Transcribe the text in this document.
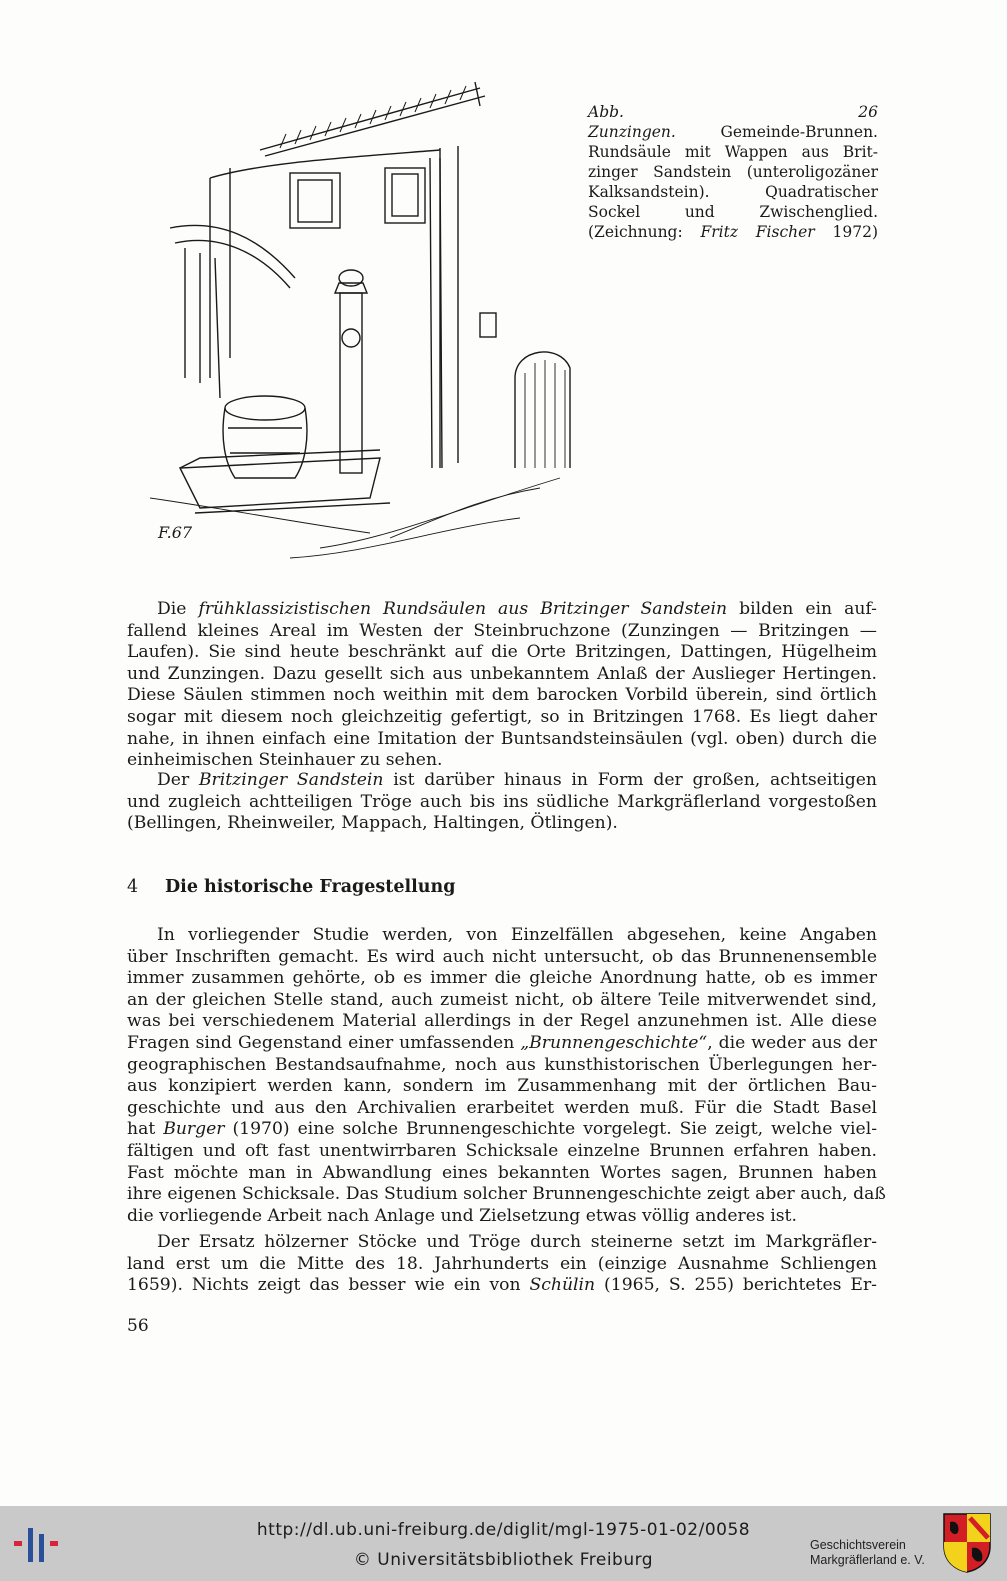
F.67
Abb. 26
Zunzingen. Gemeinde-Brunnen.
Rundsäule mit Wappen aus Brit-
zinger Sandstein (unteroligozäner
Kalksandstein). Quadratischer
Sockel und Zwischenglied.
(Zeichnung: Fritz Fischer 1972)
Die frühklassizistischen Rundsäulen aus Britzinger Sandstein bilden ein auf-
fallend kleines Areal im Westen der Steinbruchzone (Zunzingen — Britzingen —
Laufen). Sie sind heute beschränkt auf die Orte Britzingen, Dattingen, Hügelheim
und Zunzingen. Dazu gesellt sich aus unbekanntem Anlaß der Auslieger Hertingen.
Diese Säulen stimmen noch weithin mit dem barocken Vorbild überein, sind örtlich
sogar mit diesem noch gleichzeitig gefertigt, so in Britzingen 1768. Es liegt daher
nahe, in ihnen einfach eine Imitation der Buntsandsteinsäulen (vgl. oben) durch die
einheimischen Steinhauer zu sehen.
Der Britzinger Sandstein ist darüber hinaus in Form der großen, achtseitigen
und zugleich achtteiligen Tröge auch bis ins südliche Markgräflerland vorgestoßen
(Bellingen, Rheinweiler, Mappach, Haltingen, Ötlingen).
4 Die historische Fragestellung
In vorliegender Studie werden, von Einzelfällen abgesehen, keine Angaben
über Inschriften gemacht. Es wird auch nicht untersucht, ob das Brunnenensemble
immer zusammen gehörte, ob es immer die gleiche Anordnung hatte, ob es immer
an der gleichen Stelle stand, auch zumeist nicht, ob ältere Teile mitverwendet sind,
was bei verschiedenem Material allerdings in der Regel anzunehmen ist. Alle diese
Fragen sind Gegenstand einer umfassenden „Brunnengeschichte“, die weder aus der
geographischen Bestandsaufnahme, noch aus kunsthistorischen Überlegungen her-
aus konzipiert werden kann, sondern im Zusammenhang mit der örtlichen Bau-
geschichte und aus den Archivalien erarbeitet werden muß. Für die Stadt Basel
hat Burger (1970) eine solche Brunnengeschichte vorgelegt. Sie zeigt, welche viel-
fältigen und oft fast unentwirrbaren Schicksale einzelne Brunnen erfahren haben.
Fast möchte man in Abwandlung eines bekannten Wortes sagen, Brunnen haben
ihre eigenen Schicksale. Das Studium solcher Brunnengeschichte zeigt aber auch, daß
die vorliegende Arbeit nach Anlage und Zielsetzung etwas völlig anderes ist.
Der Ersatz hölzerner Stöcke und Tröge durch steinerne setzt im Markgräfler-
land erst um die Mitte des 18. Jahrhunderts ein (einzige Ausnahme Schliengen
1659). Nichts zeigt das besser wie ein von Schülin (1965, S. 255) berichtetes Er-
56
http://dl.ub.uni-freiburg.de/diglit/mgl-1975-01-02/0058
© Universitätsbibliothek Freiburg
Geschichtsverein
Markgräflerland e. V.
